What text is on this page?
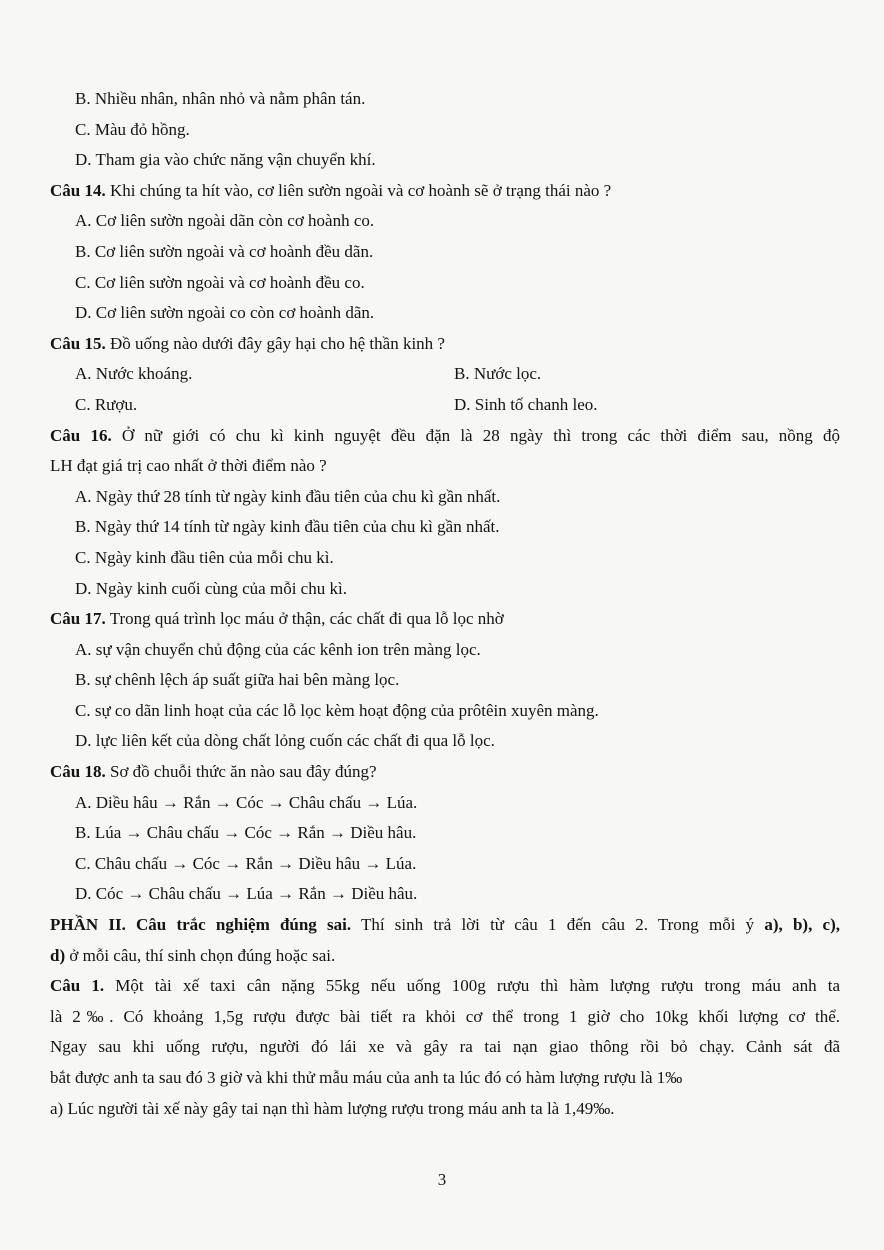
B. Nhiều nhân, nhân nhỏ và nằm phân tán.
C. Màu đỏ hồng.
D. Tham gia vào chức năng vận chuyển khí.
Câu 14. Khi chúng ta hít vào, cơ liên sườn ngoài và cơ hoành sẽ ở trạng thái nào ?
A. Cơ liên sườn ngoài dãn còn cơ hoành co.
B. Cơ liên sườn ngoài và cơ hoành đều dãn.
C. Cơ liên sườn ngoài và cơ hoành đều co.
D. Cơ liên sườn ngoài co còn cơ hoành dãn.
Câu 15. Đồ uống nào dưới đây gây hại cho hệ thần kinh ?
A. Nước khoáng.	B. Nước lọc.
C. Rượu.	D. Sinh tố chanh leo.
Câu 16. Ở nữ giới có chu kì kinh nguyệt đều đặn là 28 ngày thì trong các thời điểm sau, nồng độ
LH đạt giá trị cao nhất ở thời điểm nào ?
A. Ngày thứ 28 tính từ ngày kinh đầu tiên của chu kì gần nhất.
B. Ngày thứ 14 tính từ ngày kinh đầu tiên của chu kì gần nhất.
C. Ngày kinh đầu tiên của mỗi chu kì.
D. Ngày kinh cuối cùng của mỗi chu kì.
Câu 17. Trong quá trình lọc máu ở thận, các chất đi qua lỗ lọc nhờ
A. sự vận chuyển chủ động của các kênh ion trên màng lọc.
B. sự chênh lệch áp suất giữa hai bên màng lọc.
C. sự co dãn linh hoạt của các lỗ lọc kèm hoạt động của prôtêin xuyên màng.
D. lực liên kết của dòng chất lỏng cuốn các chất đi qua lỗ lọc.
Câu 18. Sơ đồ chuỗi thức ăn nào sau đây đúng?
A. Diều hâu → Rắn → Cóc → Châu chấu → Lúa.
B. Lúa → Châu chấu → Cóc → Rắn → Diều hâu.
C. Châu chấu → Cóc → Rắn → Diều hâu → Lúa.
D. Cóc → Châu chấu → Lúa → Rắn → Diều hâu.
PHẦN II. Câu trắc nghiệm đúng sai. Thí sinh trả lời từ câu 1 đến câu 2. Trong mỗi ý a), b), c),
d) ở mỗi câu, thí sinh chọn đúng hoặc sai.
Câu 1. Một tài xế taxi cân nặng 55kg nếu uống 100g rượu thì hàm lượng rượu trong máu anh ta
là 2‰. Có khoảng 1,5g rượu được bài tiết ra khỏi cơ thể trong 1 giờ cho 10kg khối lượng cơ thể.
Ngay sau khi uống rượu, người đó lái xe và gây ra tai nạn giao thông rồi bỏ chạy. Cảnh sát đã
bắt được anh ta sau đó 3 giờ và khi thử mẫu máu của anh ta lúc đó có hàm lượng rượu là 1‰
a) Lúc người tài xế này gây tai nạn thì hàm lượng rượu trong máu anh ta là 1,49‰.
3
